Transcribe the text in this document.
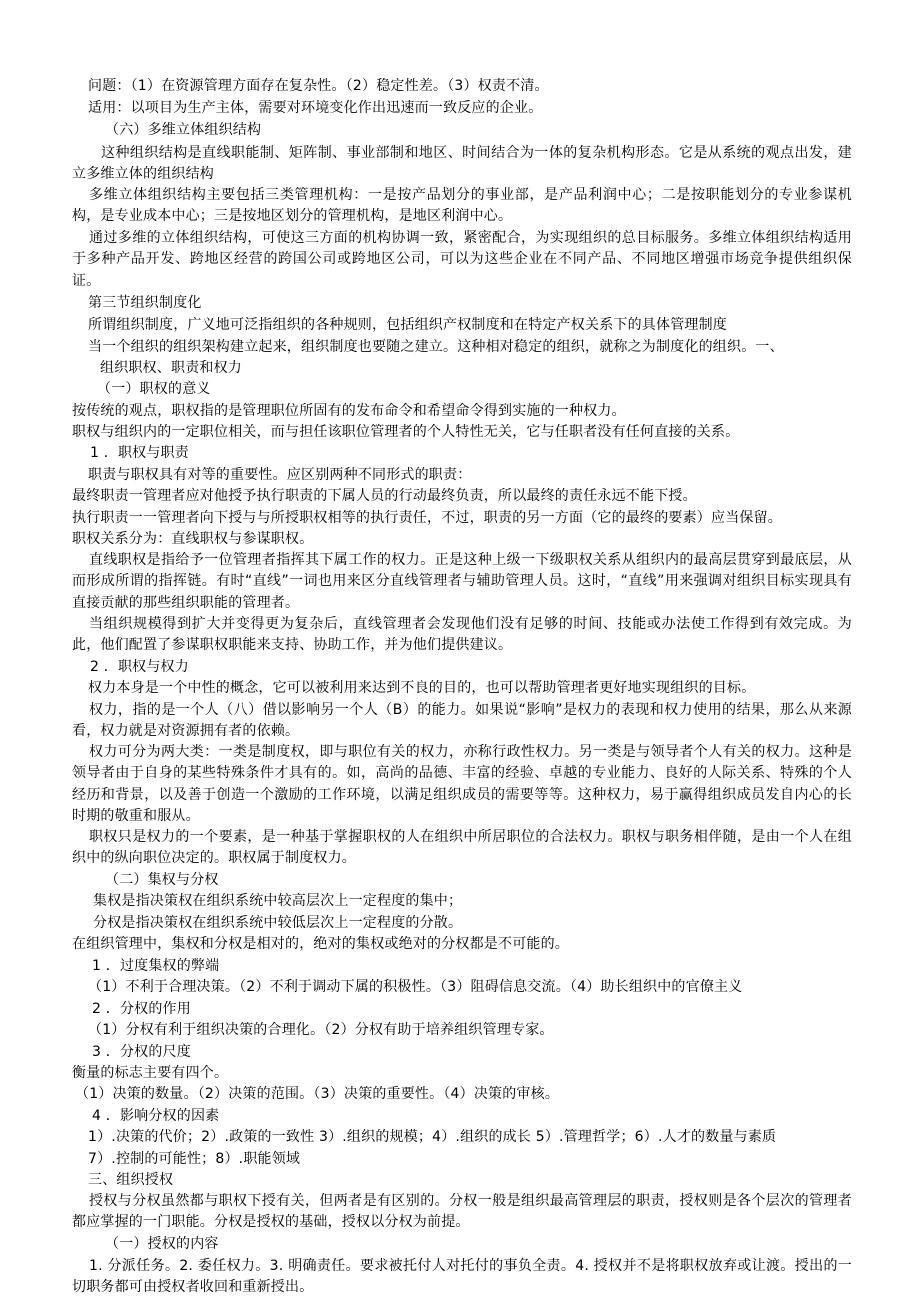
问题：（1）在资源管理方面存在复杂性。（2）稳定性差。（3）权责不清。
适用：以项目为生产主体，需要对环境变化作出迅速而一致反应的企业。
（六）多维立体组织结构

这种组织结构是直线职能制、矩阵制、事业部制和地区、时间结合为一体的复杂机构形态。它是从系统的观点出发，建立多维立体的组织结构

多维立体组织结构主要包括三类管理机构：一是按产品划分的事业部，是产品利润中心；二是按职能划分的专业参谋机构，是专业成本中心；三是按地区划分的管理机构，是地区利润中心。

通过多维的立体组织结构，可使这三方面的机构协调一致，紧密配合，为实现组织的总目标服务。多维立体组织结构适用于多种产品开发、跨地区经营的跨国公司或跨地区公司，可以为这些企业在不同产品、不同地区增强市场竞争提供组织保证。

第三节组织制度化
所谓组织制度，广义地可泛指组织的各种规则，包括组织产权制度和在特定产权关系下的具体管理制度
当一个组织的组织架构建立起来，组织制度也要随之建立。这种相对稳定的组织，就称之为制度化的组织。一、
组织职权、职责和权力
（一）职权的意义
按传统的观点，职权指的是管理职位所固有的发布命令和希望命令得到实施的一种权力。
职权与组织内的一定职位相关，而与担任该职位管理者的个人特性无关，它与任职者没有任何直接的关系。
1 ．职权与职责
职责与职权具有对等的重要性。应区别两种不同形式的职责：
最终职责一管理者应对他授予执行职责的下属人员的行动最终负责，所以最终的责任永远不能下授。
执行职责一一管理者向下授与与所授职权相等的执行责任，不过，职责的另一方面（它的最终的要素）应当保留。
职权关系分为：直线职权与参谋职权。

直线职权是指给予一位管理者指挥其下属工作的权力。正是这种上级一下级职权关系从组织内的最高层贯穿到最底层，从而形成所谓的指挥链。有时“直线”一词也用来区分直线管理者与辅助管理人员。这时，“直线”用来强调对组织目标实现具有直接贡献的那些组织职能的管理者。

当组织规模得到扩大并变得更为复杂后，直线管理者会发现他们没有足够的时间、技能或办法使工作得到有效完成。为此，他们配置了参谋职权职能来支持、协助工作，并为他们提供建议。

2 ．职权与权力
权力本身是一个中性的概念，它可以被利用来达到不良的目的，也可以帮助管理者更好地实现组织的目标。

权力，指的是一个人（八）借以影响另一个人（B）的能力。如果说“影响”是权力的表现和权力使用的结果，那么从来源看，权力就是对资源拥有者的依赖。

权力可分为两大类：一类是制度权，即与职位有关的权力，亦称行政性权力。另一类是与领导者个人有关的权力。这种是领导者由于自身的某些特殊条件才具有的。如，高尚的品德、丰富的经验、卓越的专业能力、良好的人际关系、特殊的个人经历和背景，以及善于创造一个激励的工作环境，以满足组织成员的需要等等。这种权力，易于赢得组织成员发自内心的长时期的敬重和服从。

职权只是权力的一个要素，是一种基于掌握职权的人在组织中所居职位的合法权力。职权与职务相伴随，是由一个人在组织中的纵向职位决定的。职权属于制度权力。

（二）集权与分权
集权是指决策权在组织系统中较高层次上一定程度的集中；
分权是指决策权在组织系统中较低层次上一定程度的分散。
在组织管理中，集权和分权是相对的，绝对的集权或绝对的分权都是不可能的。
1 ．过度集权的弊端
（1）不利于合理决策。（2）不利于调动下属的积极性。（3）阻碍信息交流。（4）助长组织中的官僚主义
2 ．分权的作用
（1）分权有利于组织决策的合理化。（2）分权有助于培养组织管理专家。
3 ．分权的尺度
衡量的标志主要有四个。
（1）决策的数量。（2）决策的范围。（3）决策的重要性。（4）决策的审核。
4 ．影响分权的因素
1）.决策的代价；2）.政策的一致性 3）.组织的规模；4）.组织的成长 5）.管理哲学；6）.人才的数量与素质
7）.控制的可能性；8）.职能领域
三、组织授权

授权与分权虽然都与职权下授有关，但两者是有区别的。分权一般是组织最高管理层的职责，授权则是各个层次的管理者都应掌握的一门职能。分权是授权的基础，授权以分权为前提。

（一）授权的内容

1. 分派任务。2. 委任权力。3. 明确责任。要求被托付人对托付的事负全责。4. 授权并不是将职权放弃或让渡。授出的一切职务都可由授权者收回和重新授出。
